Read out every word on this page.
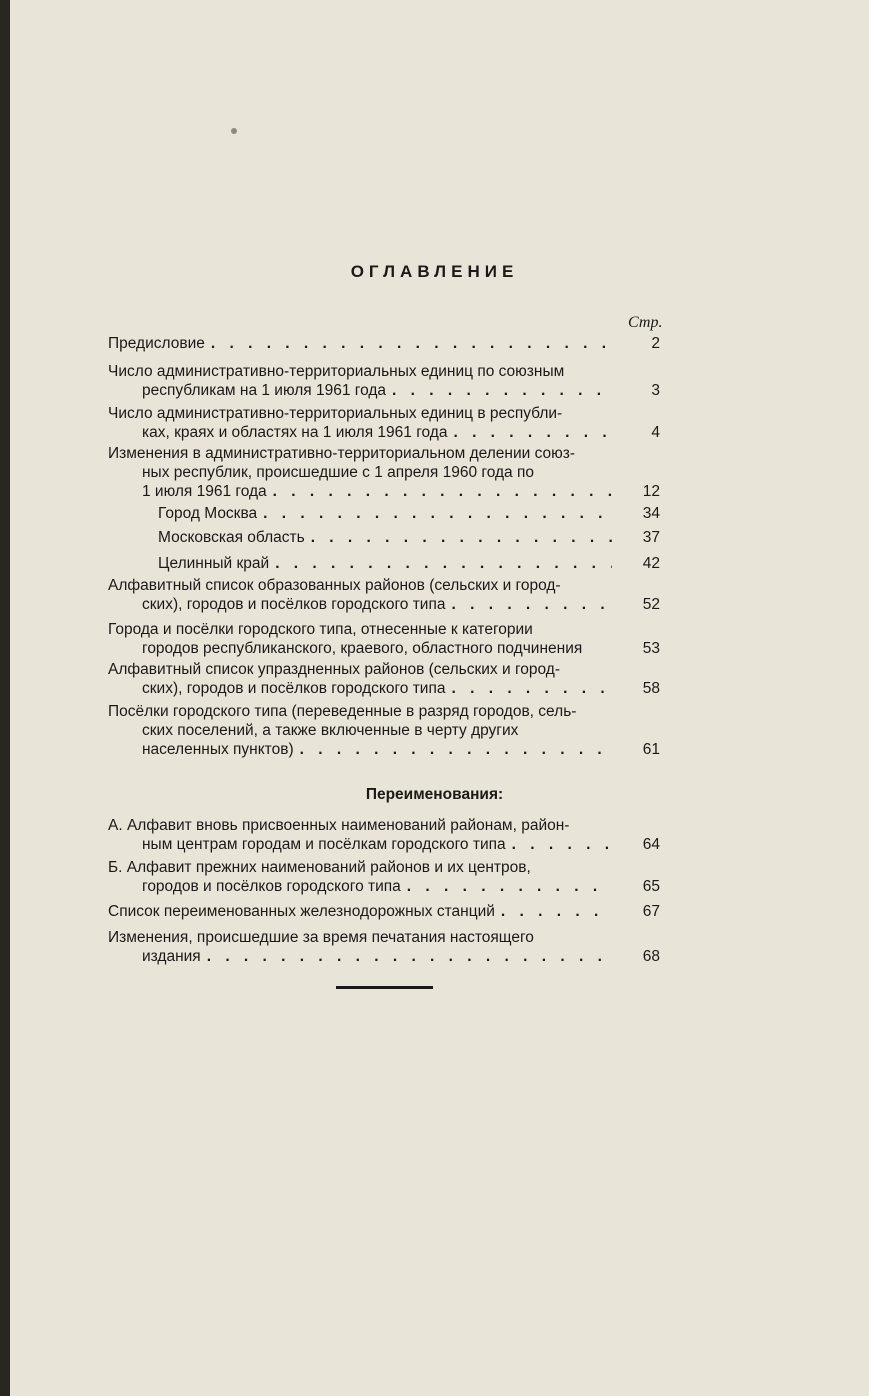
ОГЛАВЛЕНИЕ
Стр.
Предисловие . . .	2
Число административно-территориальных единиц по союзным
республикам на 1 июля 1961 года . . .	3
Число административно-территориальных единиц в республи-
ках, краях и областях на 1 июля 1961 года . . .	4
Изменения в административно-территориальном делении союз-
ных республик, происшедшие с 1 апреля 1960 года по
1 июля 1961 года . . .	12
Город Москва . . .	34
Московская область . . .	37
Целинный край . . .	42
Алфавитный список образованных районов (сельских и город-
ских), городов и посёлков городского типа . . .	52
Города и посёлки городского типа, отнесенные к категории
городов республиканского, краевого, областного подчинения	53
Алфавитный список упраздненных районов (сельских и город-
ских), городов и посёлков городского типа . . .	58
Посёлки городского типа (переведенные в разряд городов, сель-
ских поселений, а также включенные в черту других
населенных пунктов) . . .	61
Переименования:
А. Алфавит вновь присвоенных наименований районам, район-
ным центрам городам и посёлкам городского типа . . .	64
Б. Алфавит прежних наименований районов и их центров,
городов и посёлков городского типа . . .	65
Список переименованных железнодорожных станций . . .	67
Изменения, происшедшие за время печатания настоящего
издания . . .	68
